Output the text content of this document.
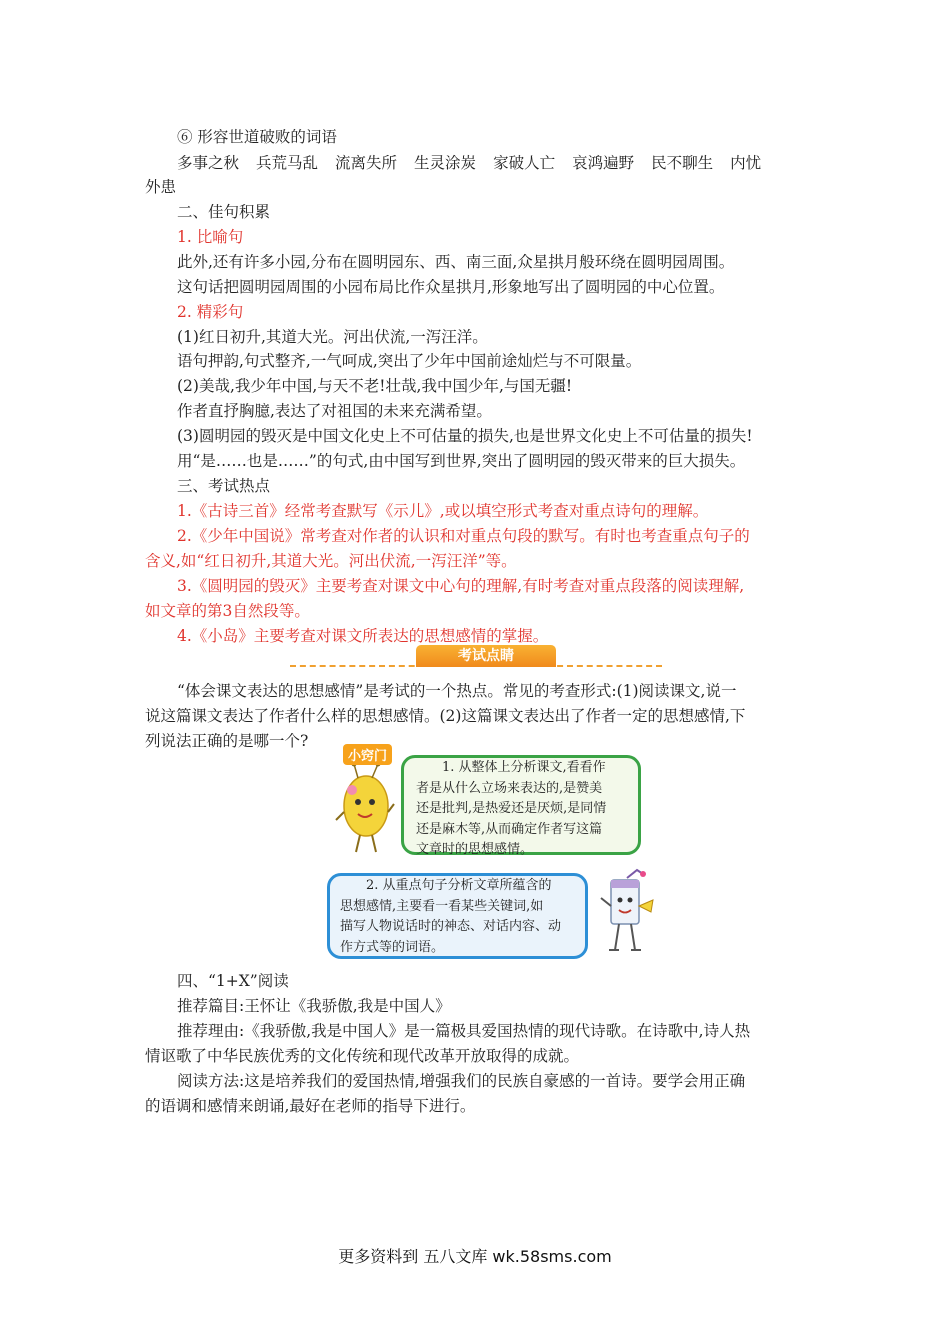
⑥ 形容世道破败的词语
多事之秋 兵荒马乱 流离失所 生灵涂炭 家破人亡 哀鸿遍野 民不聊生 内忧
外患
二、佳句积累
1. 比喻句
此外,还有许多小园,分布在圆明园东、西、南三面,众星拱月般环绕在圆明园周围。
这句话把圆明园周围的小园布局比作众星拱月,形象地写出了圆明园的中心位置。
2. 精彩句
(1)红日初升,其道大光。河出伏流,一泻汪洋。
语句押韵,句式整齐,一气呵成,突出了少年中国前途灿烂与不可限量。
(2)美哉,我少年中国,与天不老!壮哉,我中国少年,与国无疆!
作者直抒胸臆,表达了对祖国的未来充满希望。
(3)圆明园的毁灭是中国文化史上不可估量的损失,也是世界文化史上不可估量的损失!
用“是……也是……”的句式,由中国写到世界,突出了圆明园的毁灭带来的巨大损失。
三、考试热点
1.《古诗三首》经常考查默写《示儿》,或以填空形式考查对重点诗句的理解。
2.《少年中国说》常考查对作者的认识和对重点句段的默写。有时也考查重点句子的
含义,如“红日初升,其道大光。河出伏流,一泻汪洋”等。
3.《圆明园的毁灭》主要考查对课文中心句的理解,有时考查对重点段落的阅读理解,
如文章的第3自然段等。
4.《小岛》主要考查对课文所表达的思想感情的掌握。
考试点睛
“体会课文表达的思想感情”是考试的一个热点。常见的考查形式:(1)阅读课文,说一
说这篇课文表达了作者什么样的思想感情。(2)这篇课文表达出了作者一定的思想感情,下
列说法正确的是哪一个?
小窍门
1. 从整体上分析课文,看看作
者是从什么立场来表达的,是赞美
还是批判,是热爱还是厌烦,是同情
还是麻木等,从而确定作者写这篇
文章时的思想感情。
2. 从重点句子分析文章所蕴含的
思想感情,主要看一看某些关键词,如
描写人物说话时的神态、对话内容、动
作方式等的词语。
四、“1+X”阅读
推荐篇目:王怀让《我骄傲,我是中国人》
推荐理由:《我骄傲,我是中国人》是一篇极具爱国热情的现代诗歌。在诗歌中,诗人热
情讴歌了中华民族优秀的文化传统和现代改革开放取得的成就。
阅读方法:这是培养我们的爱国热情,增强我们的民族自豪感的一首诗。要学会用正确
的语调和感情来朗诵,最好在老师的指导下进行。
更多资料到 五八文库 wk.58sms.com
